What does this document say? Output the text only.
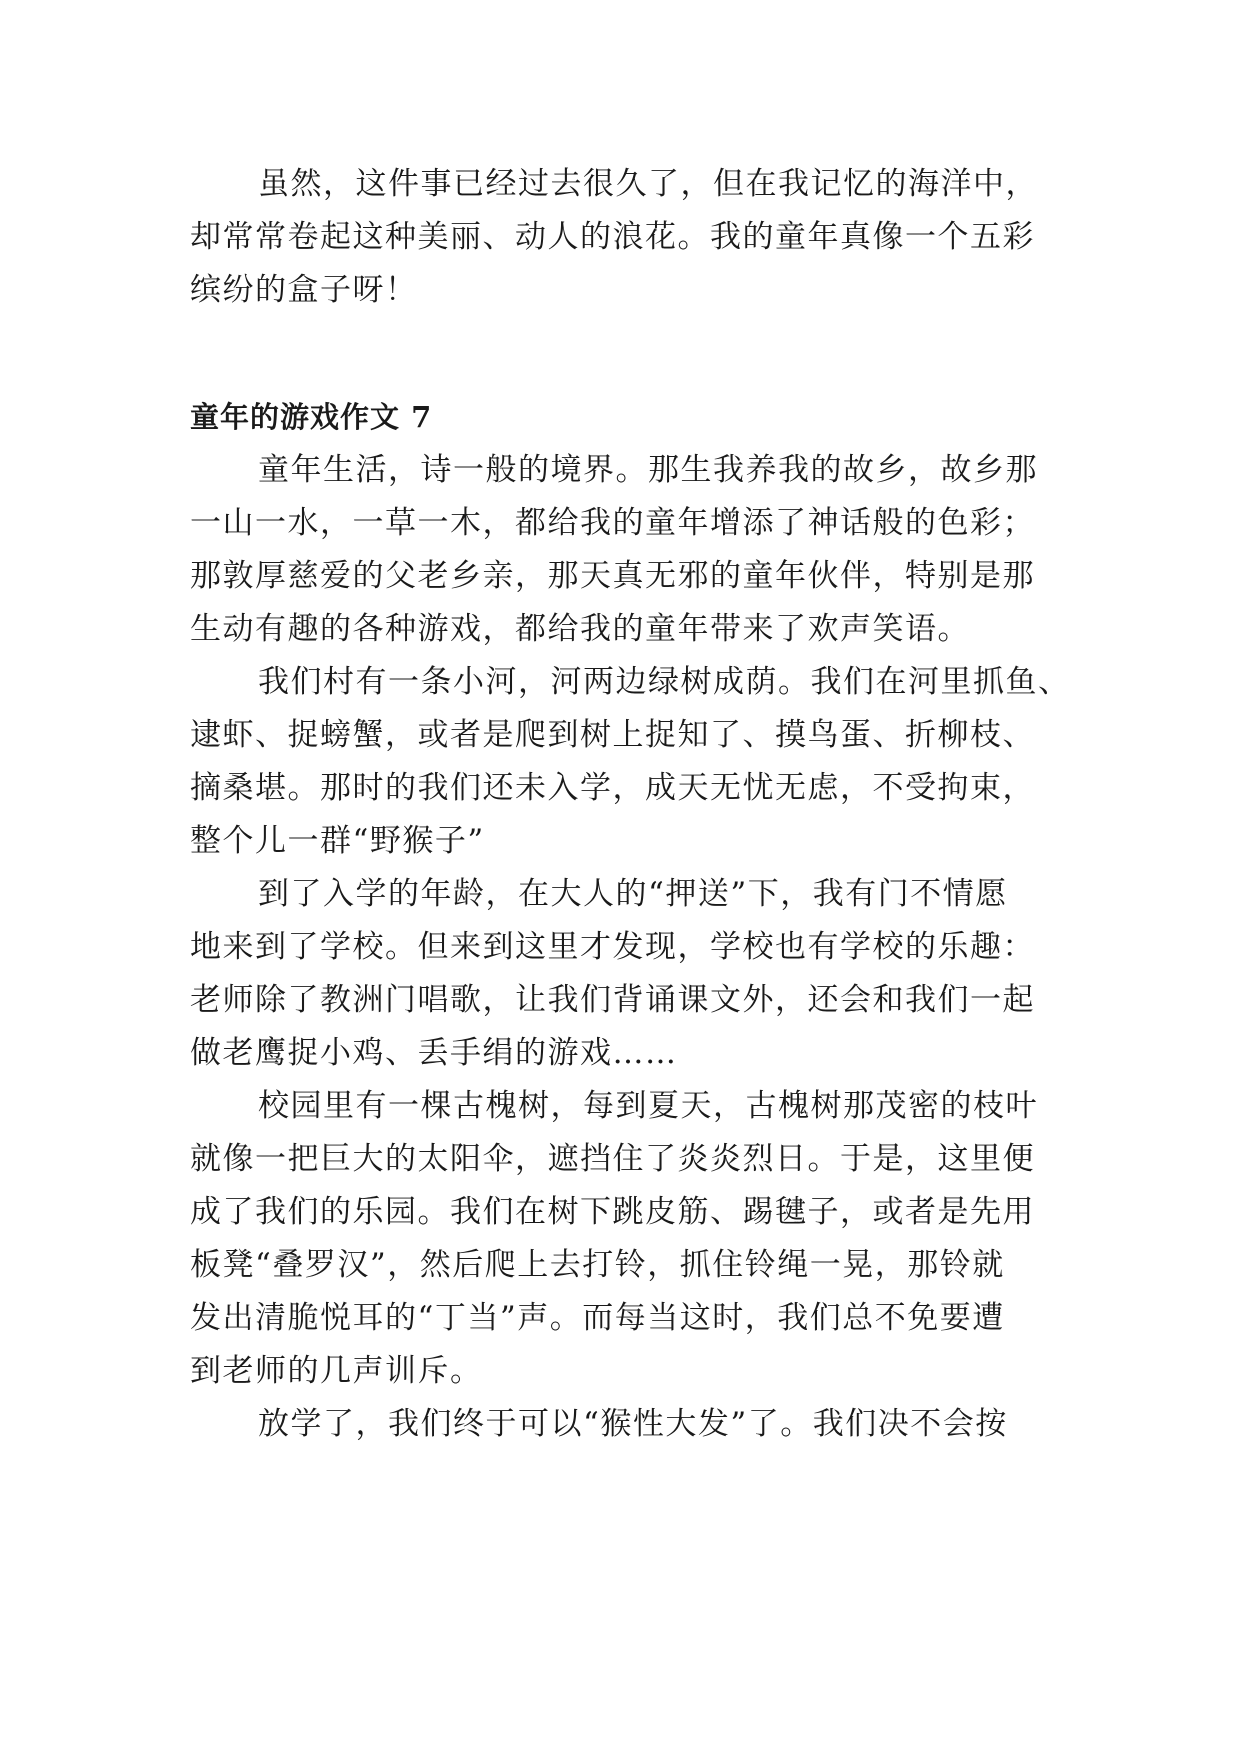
虽然，这件事已经过去很久了，但在我记忆的海洋中，
却常常卷起这种美丽、动人的浪花。我的童年真像一个五彩
缤纷的盒子呀！

童年的游戏作文 7

童年生活，诗一般的境界。那生我养我的故乡，故乡那
一山一水，一草一木，都给我的童年增添了神话般的色彩；
那敦厚慈爱的父老乡亲，那天真无邪的童年伙伴，特别是那
生动有趣的各种游戏，都给我的童年带来了欢声笑语。

我们村有一条小河，河两边绿树成荫。我们在河里抓鱼、
逮虾、捉螃蟹，或者是爬到树上捉知了、摸鸟蛋、折柳枝、
摘桑堪。那时的我们还未入学，成天无忧无虑，不受拘束，
整个儿一群“野猴子”

到了入学的年龄，在大人的“押送”下，我有门不情愿
地来到了学校。但来到这里才发现，学校也有学校的乐趣：
老师除了教洲门唱歌，让我们背诵课文外，还会和我们一起
做老鹰捉小鸡、丢手绢的游戏……

校园里有一棵古槐树，每到夏天，古槐树那茂密的枝叶
就像一把巨大的太阳伞，遮挡住了炎炎烈日。于是，这里便
成了我们的乐园。我们在树下跳皮筋、踢毽子，或者是先用
板凳“叠罗汉”，然后爬上去打铃，抓住铃绳一晃，那铃就
发出清脆悦耳的“丁当”声。而每当这时，我们总不免要遭
到老师的几声训斥。

放学了，我们终于可以“猴性大发”了。我们决不会按
